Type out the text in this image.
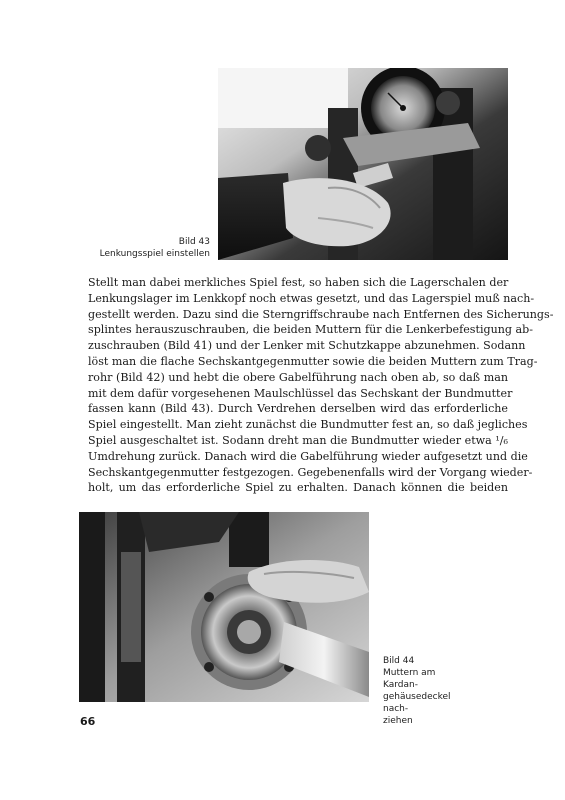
Bild 43
Lenkungsspiel einstellen
Stellt man dabei merkliches Spiel fest, so haben sich die Lagerschalen der
Lenkungslager im Lenkkopf noch etwas gesetzt, und das Lagerspiel muß nach-
gestellt werden. Dazu sind die Sterngriffschraube nach Entfernen des Sicherungs-
splintes herauszuschrauben, die beiden Muttern für die Lenkerbefestigung ab-
zuschrauben (Bild 41) und der Lenker mit Schutzkappe abzunehmen. Sodann
löst man die flache Sechskantgegenmutter sowie die beiden Muttern zum Trag-
rohr (Bild 42) und hebt die obere Gabelführung nach oben ab, so daß man
mit dem dafür vorgesehenen Maulschlüssel das Sechskant der Bundmutter
fassen kann (Bild 43). Durch Verdrehen derselben wird das erforderliche
Spiel eingestellt. Man zieht zunächst die Bundmutter fest an, so daß jegliches
Spiel ausgeschaltet ist. Sodann dreht man die Bundmutter wieder etwa ¹/₆
Umdrehung zurück. Danach wird die Gabelführung wieder aufgesetzt und die
Sechskantgegenmutter festgezogen. Gegebenenfalls wird der Vorgang wieder-
holt, um das erforderliche Spiel zu erhalten. Danach können die beiden
Bild 44
Muttern am Kardan-
gehäusedeckel nach-
ziehen
66
